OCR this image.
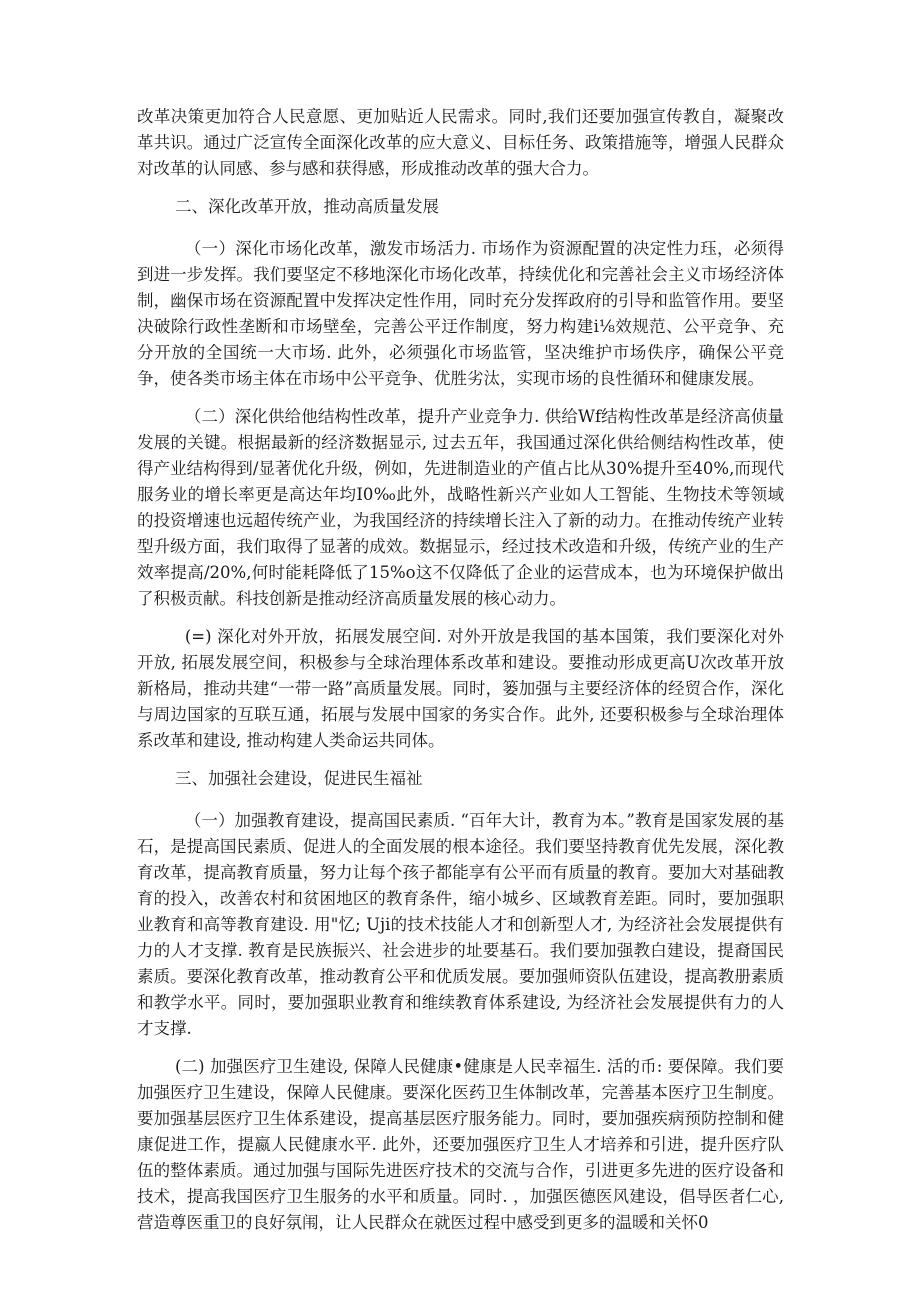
改革决策更加符合人民意愿、更加贴近人民需求。同时,我们还要加强宣传教自，凝聚改革共识。通过广泛宣传全面深化改革的应大意义、目标任务、政策措施等，增强人民群众对改革的认同感、参与感和获得感，形成推动改革的强大合力。

二、深化改革开放，推动高质量发展

（一）深化市场化改革，激发市场活力. 市场作为资源配置的决定性力珏，必须得到进一步发挥。我们要坚定不移地深化市场化改革，持续优化和完善社会主义市场经济体制，幽保市场在资源配置中发挥决定性作用，同时充分发挥政府的引导和监管作用。要坚决破除行政性垄断和市场壁垒，完善公平迂作制度，努力构建i⅛效规范、公平竞争、充分开放的全国统一大市场. 此外，必须强化市场监管，坚决维护市场佚序，确保公平竞争，使各类市场主体在市场中公平竞争、优胜劣汰，实现市场的良性循环和健康发展。

（二）深化供给他结构性改革，提升产业竞争力. 供给Wf结构性改革是经济高侦量发展的关键。根据最新的经济数据显示, 过去五年，我国通过深化供给侧结构性改革，使得产业结构得到/显著优化升级，例如，先进制造业的产值占比从30%提升至40%,而现代服务业的增长率更是高达年均I0‰此外，战略性新兴产业如人工智能、生物技术等领域的投资增速也远超传统产业，为我国经济的持续增长注入了新的动力。在推动传统产业转型升级方面，我们取得了显著的成效。数据显示，经过技术改造和升级，传统产业的生产效率提高/20%,何时能耗降低了15%o这不仅降低了企业的运营成本，也为环境保护做出了积极贡献。科技创新是推动经济高质量发展的核心动力。

(=) 深化对外开放，拓展发展空间. 对外开放是我国的基本国策，我们要深化对外开放, 拓展发展空间，积极参与全球治理体系改革和建设。要推动形成更高U次改革开放新格局，推动共建“一带一路”高质量发展。同时，篓加强与主要经济体的经贸合作，深化与周边国家的互联互通，拓展与发展中国家的务实合作。此外, 还要积极参与全球治理体系改革和建设, 推动构建人类命运共同体。

三、加强社会建设，促进民生福祉

（一）加强教育建设，提高国民素质. “百年大计，教育为本。”教育是国家发展的基石，是提高国民素质、促进人的全面发展的根本途径。我们要坚持教育优先发展，深化教育改革，提高教育质量，努力让每个孩子都能享有公平而有质量的教育。要加大对基础教育的投入，改善农村和贫困地区的教育条件，缩小城乡、区域教育差距。同时，要加强职业教育和高等教育建设. 用"忆; Uji的技术技能人才和创新型人才, 为经济社会发展提供有力的人才支撑. 教育是民族振兴、社会进步的址要基石。我们要加强教白建设，提裔国民素质。要深化教育改革，推动教育公平和优质发展。要加强师资队伍建设，提高教册素质和教学水平。同时，要加强职业教育和维续教育体系建设, 为经济社会发展提供有力的人才支撑.

(二) 加强医疗卫生建设, 保障人民健康•健康是人民幸福生. 活的币: 要保障。我们要加强医疗卫生建设，保障人民健康。要深化医药卫生体制改革，完善基本医疗卫生制度。要加强基层医疗卫生体系建设，提高基层医疗服务能力。同时，要加强疾病预防控制和健康促进工作，提嬴人民健康水平. 此外，还要加强医疗卫生人才培养和引进，提升医疗队伍的整体素质。通过加强与国际先进医疗技术的交流与合作，引进更多先进的医疗设备和技术，提高我国医疗卫生服务的水平和质量。同时. ，加强医德医风建设，倡导医者仁心, 营造尊医重卫的良好氛闱，让人民群众在就医过程中感受到更多的温暖和关怀0
